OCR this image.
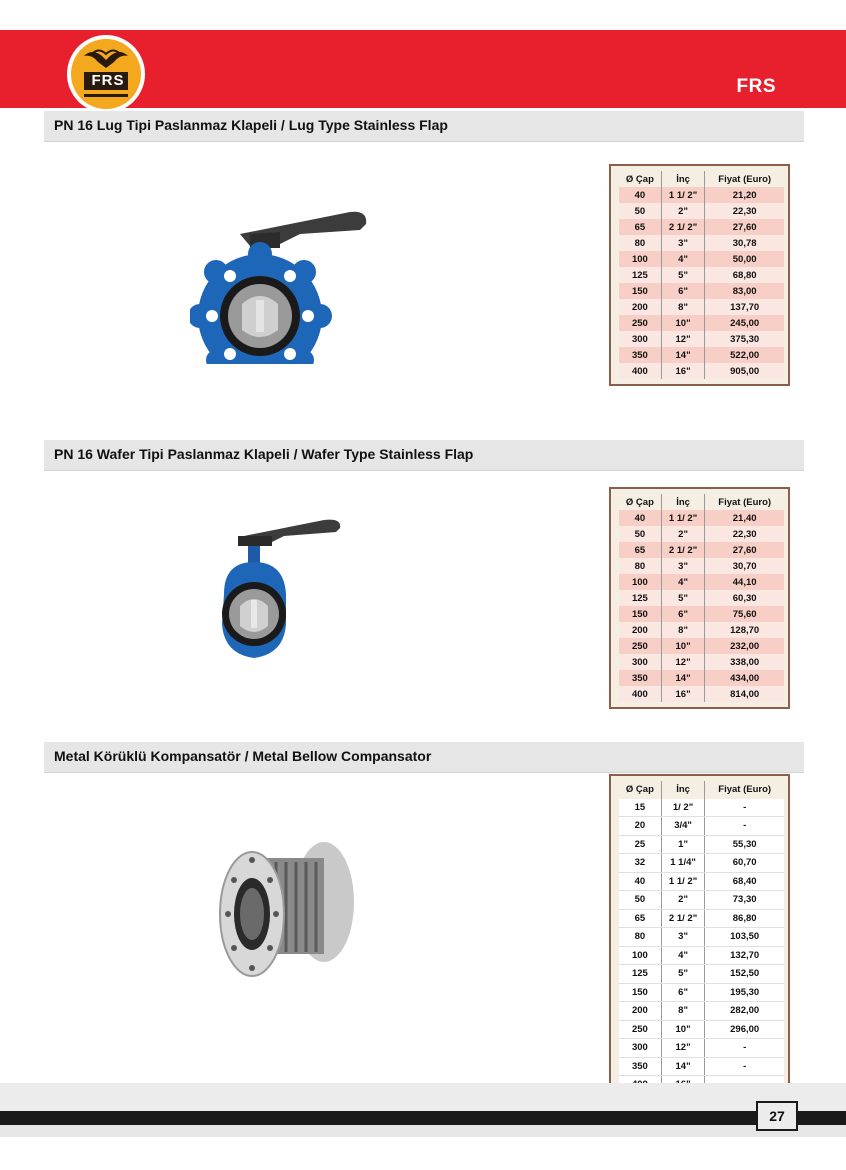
FRS	FRS
PN 16 Lug Tipi Paslanmaz Klapeli / Lug Type Stainless Flap
Ø Çap	İnç	Fiyat (Euro)
40	1 1/ 2"	21,20
50	2"	22,30
65	2 1/ 2"	27,60
80	3"	30,78
100	4"	50,00
125	5"	68,80
150	6"	83,00
200	8"	137,70
250	10"	245,00
300	12"	375,30
350	14"	522,00
400	16"	905,00
PN 16 Wafer Tipi Paslanmaz Klapeli / Wafer Type Stainless Flap
Ø Çap	İnç	Fiyat (Euro)
40	1 1/ 2"	21,40
50	2"	22,30
65	2 1/ 2"	27,60
80	3"	30,70
100	4"	44,10
125	5"	60,30
150	6"	75,60
200	8"	128,70
250	10"	232,00
300	12"	338,00
350	14"	434,00
400	16"	814,00
Metal Körüklü Kompansatör / Metal Bellow Compansator
Ø Çap	İnç	Fiyat (Euro)
15	1/ 2"	-
20	3/4"	-
25	1"	55,30
32	1 1/4"	60,70
40	1 1/ 2"	68,40
50	2"	73,30
65	2 1/ 2"	86,80
80	3"	103,50
100	4"	132,70
125	5"	152,50
150	6"	195,30
200	8"	282,00
250	10"	296,00
300	12"	-
350	14"	-

27
